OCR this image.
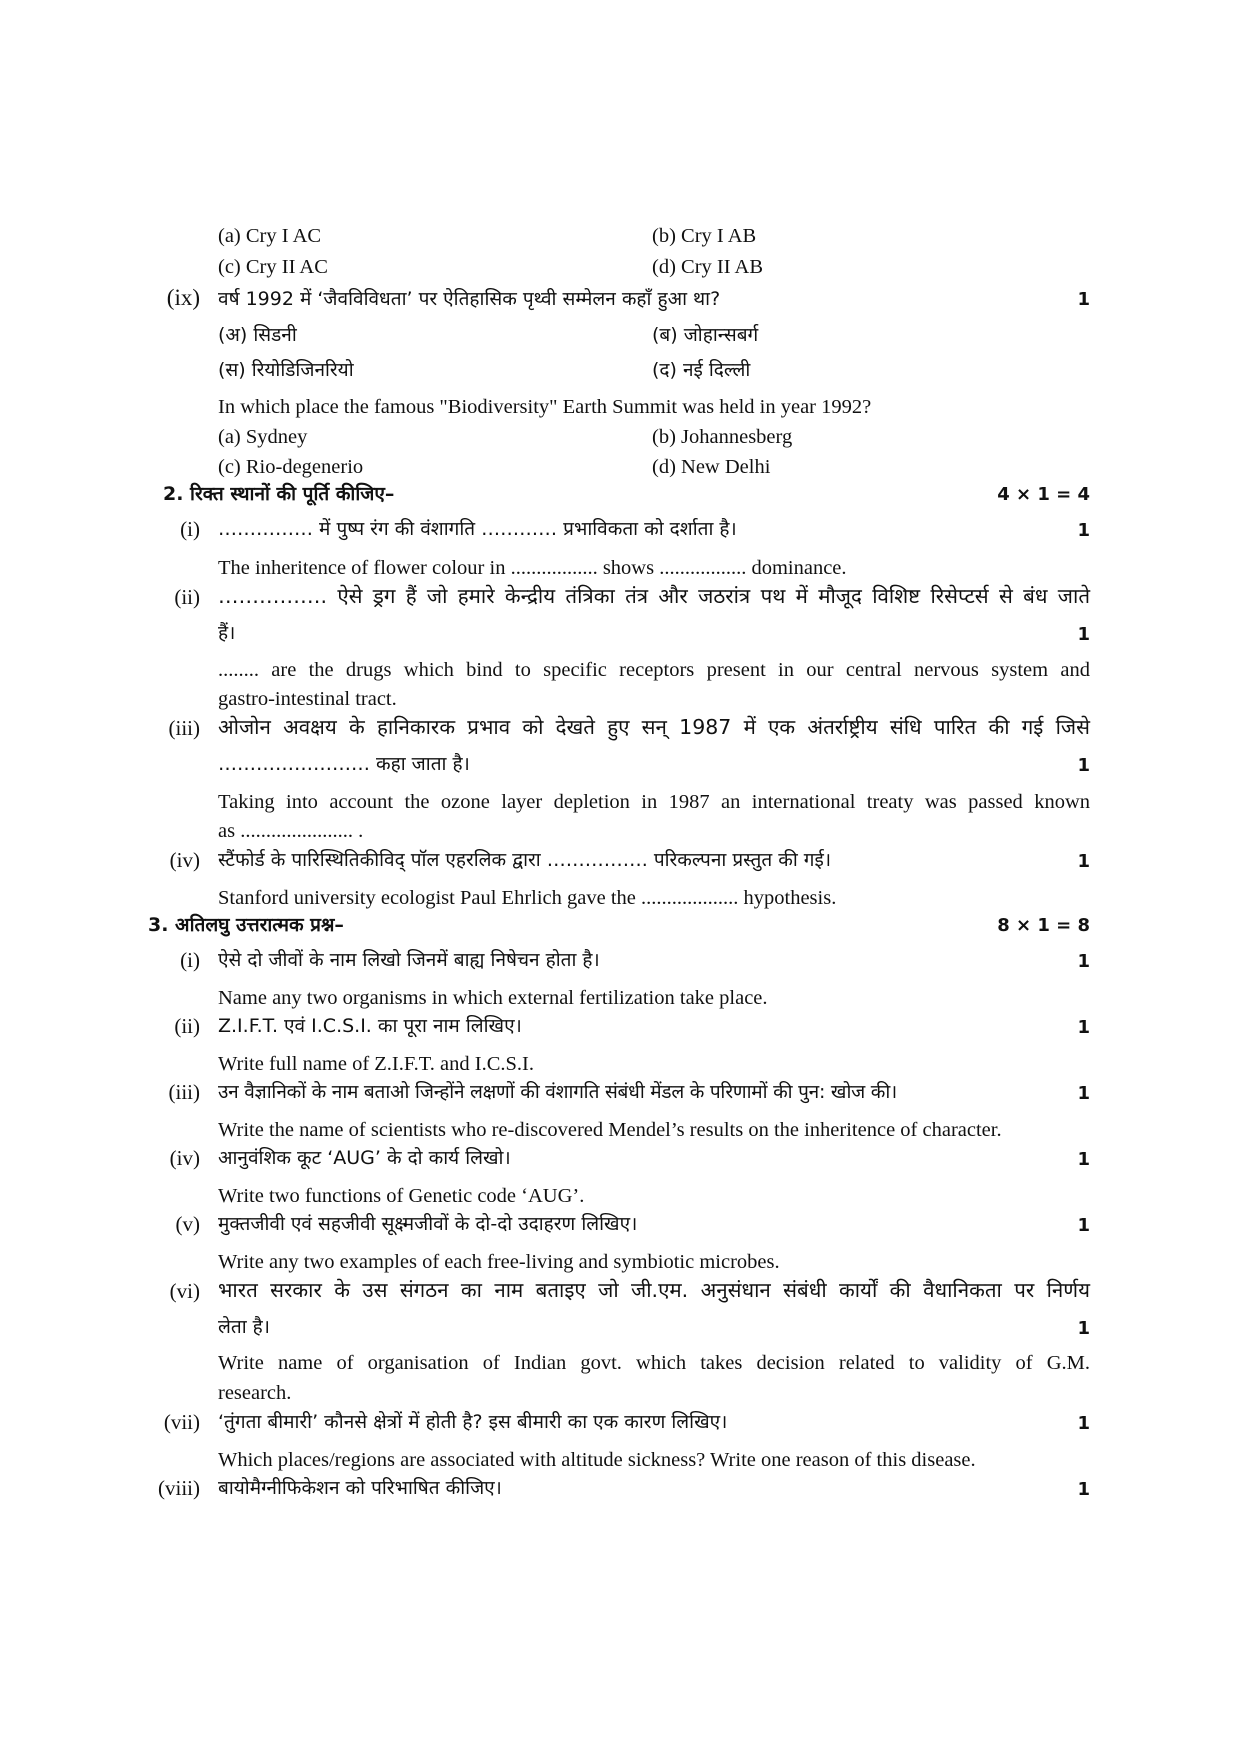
(a) Cry I AC	(b) Cry I AB
(c) Cry II AC	(d) Cry II AB
(ix) वर्ष 1992 में ‘जैवविविधता’ पर ऐतिहासिक पृथ्वी सम्मेलन कहाँ हुआ था?	1
(अ) सिडनी	(ब) जोहान्सबर्ग
(स) रियोडिजिनरियो	(द) नई दिल्ली
In which place the famous "Biodiversity" Earth Summit was held in year 1992?
(a) Sydney	(b) Johannesberg
(c) Rio-degenerio	(d) New Delhi
2. रिक्त स्थानों की पूर्ति कीजिए–	4 × 1 = 4
(i) …………… में पुष्प रंग की वंशागति ………… प्रभाविकता को दर्शाता है।	1
The inheritence of flower colour in ................. shows ................. dominance.
(ii) ……………. ऐसे ड्रग हैं जो हमारे केन्द्रीय तंत्रिका तंत्र और जठरांत्र पथ में मौजूद विशिष्ट रिसेप्टर्स से बंध जाते
हैं।	1
........ are the drugs which bind to specific receptors present in our central nervous system and
gastro-intestinal tract.
(iii) ओजोन अवक्षय के हानिकारक प्रभाव को देखते हुए सन् 1987 में एक अंतर्राष्ट्रीय संधि पारित की गई जिसे
…………………… कहा जाता है।	1
Taking into account the ozone layer depletion in 1987 an international treaty was passed known
as ...................... .
(iv) स्टैंफोर्ड के पारिस्थितिकीविद् पॉल एहरलिक द्वारा ……………. परिकल्पना प्रस्तुत की गई।	1
Stanford university ecologist Paul Ehrlich gave the ................... hypothesis.
3. अतिलघु उत्तरात्मक प्रश्न–	8 × 1 = 8
(i) ऐसे दो जीवों के नाम लिखो जिनमें बाह्य निषेचन होता है।	1
Name any two organisms in which external fertilization take place.
(ii) Z.I.F.T. एवं I.C.S.I. का पूरा नाम लिखिए।	1
Write full name of Z.I.F.T. and I.C.S.I.
(iii) उन वैज्ञानिकों के नाम बताओ जिन्होंने लक्षणों की वंशागति संबंधी मेंडल के परिणामों की पुन: खोज की।	1
Write the name of scientists who re-discovered Mendel’s results on the inheritence of character.
(iv) आनुवंशिक कूट ‘AUG’ के दो कार्य लिखो।	1
Write two functions of Genetic code ‘AUG’.
(v) मुक्तजीवी एवं सहजीवी सूक्ष्मजीवों के दो-दो उदाहरण लिखिए।	1
Write any two examples of each free-living and symbiotic microbes.
(vi) भारत सरकार के उस संगठन का नाम बताइए जो जी.एम. अनुसंधान संबंधी कार्यों की वैधानिकता पर निर्णय
लेता है।	1
Write name of organisation of Indian govt. which takes decision related to validity of G.M.
research.
(vii) ‘तुंगता बीमारी’ कौनसे क्षेत्रों में होती है? इस बीमारी का एक कारण लिखिए।	1
Which places/regions are associated with altitude sickness? Write one reason of this disease.
(viii) बायोमैग्नीफिकेशन को परिभाषित कीजिए।	1
